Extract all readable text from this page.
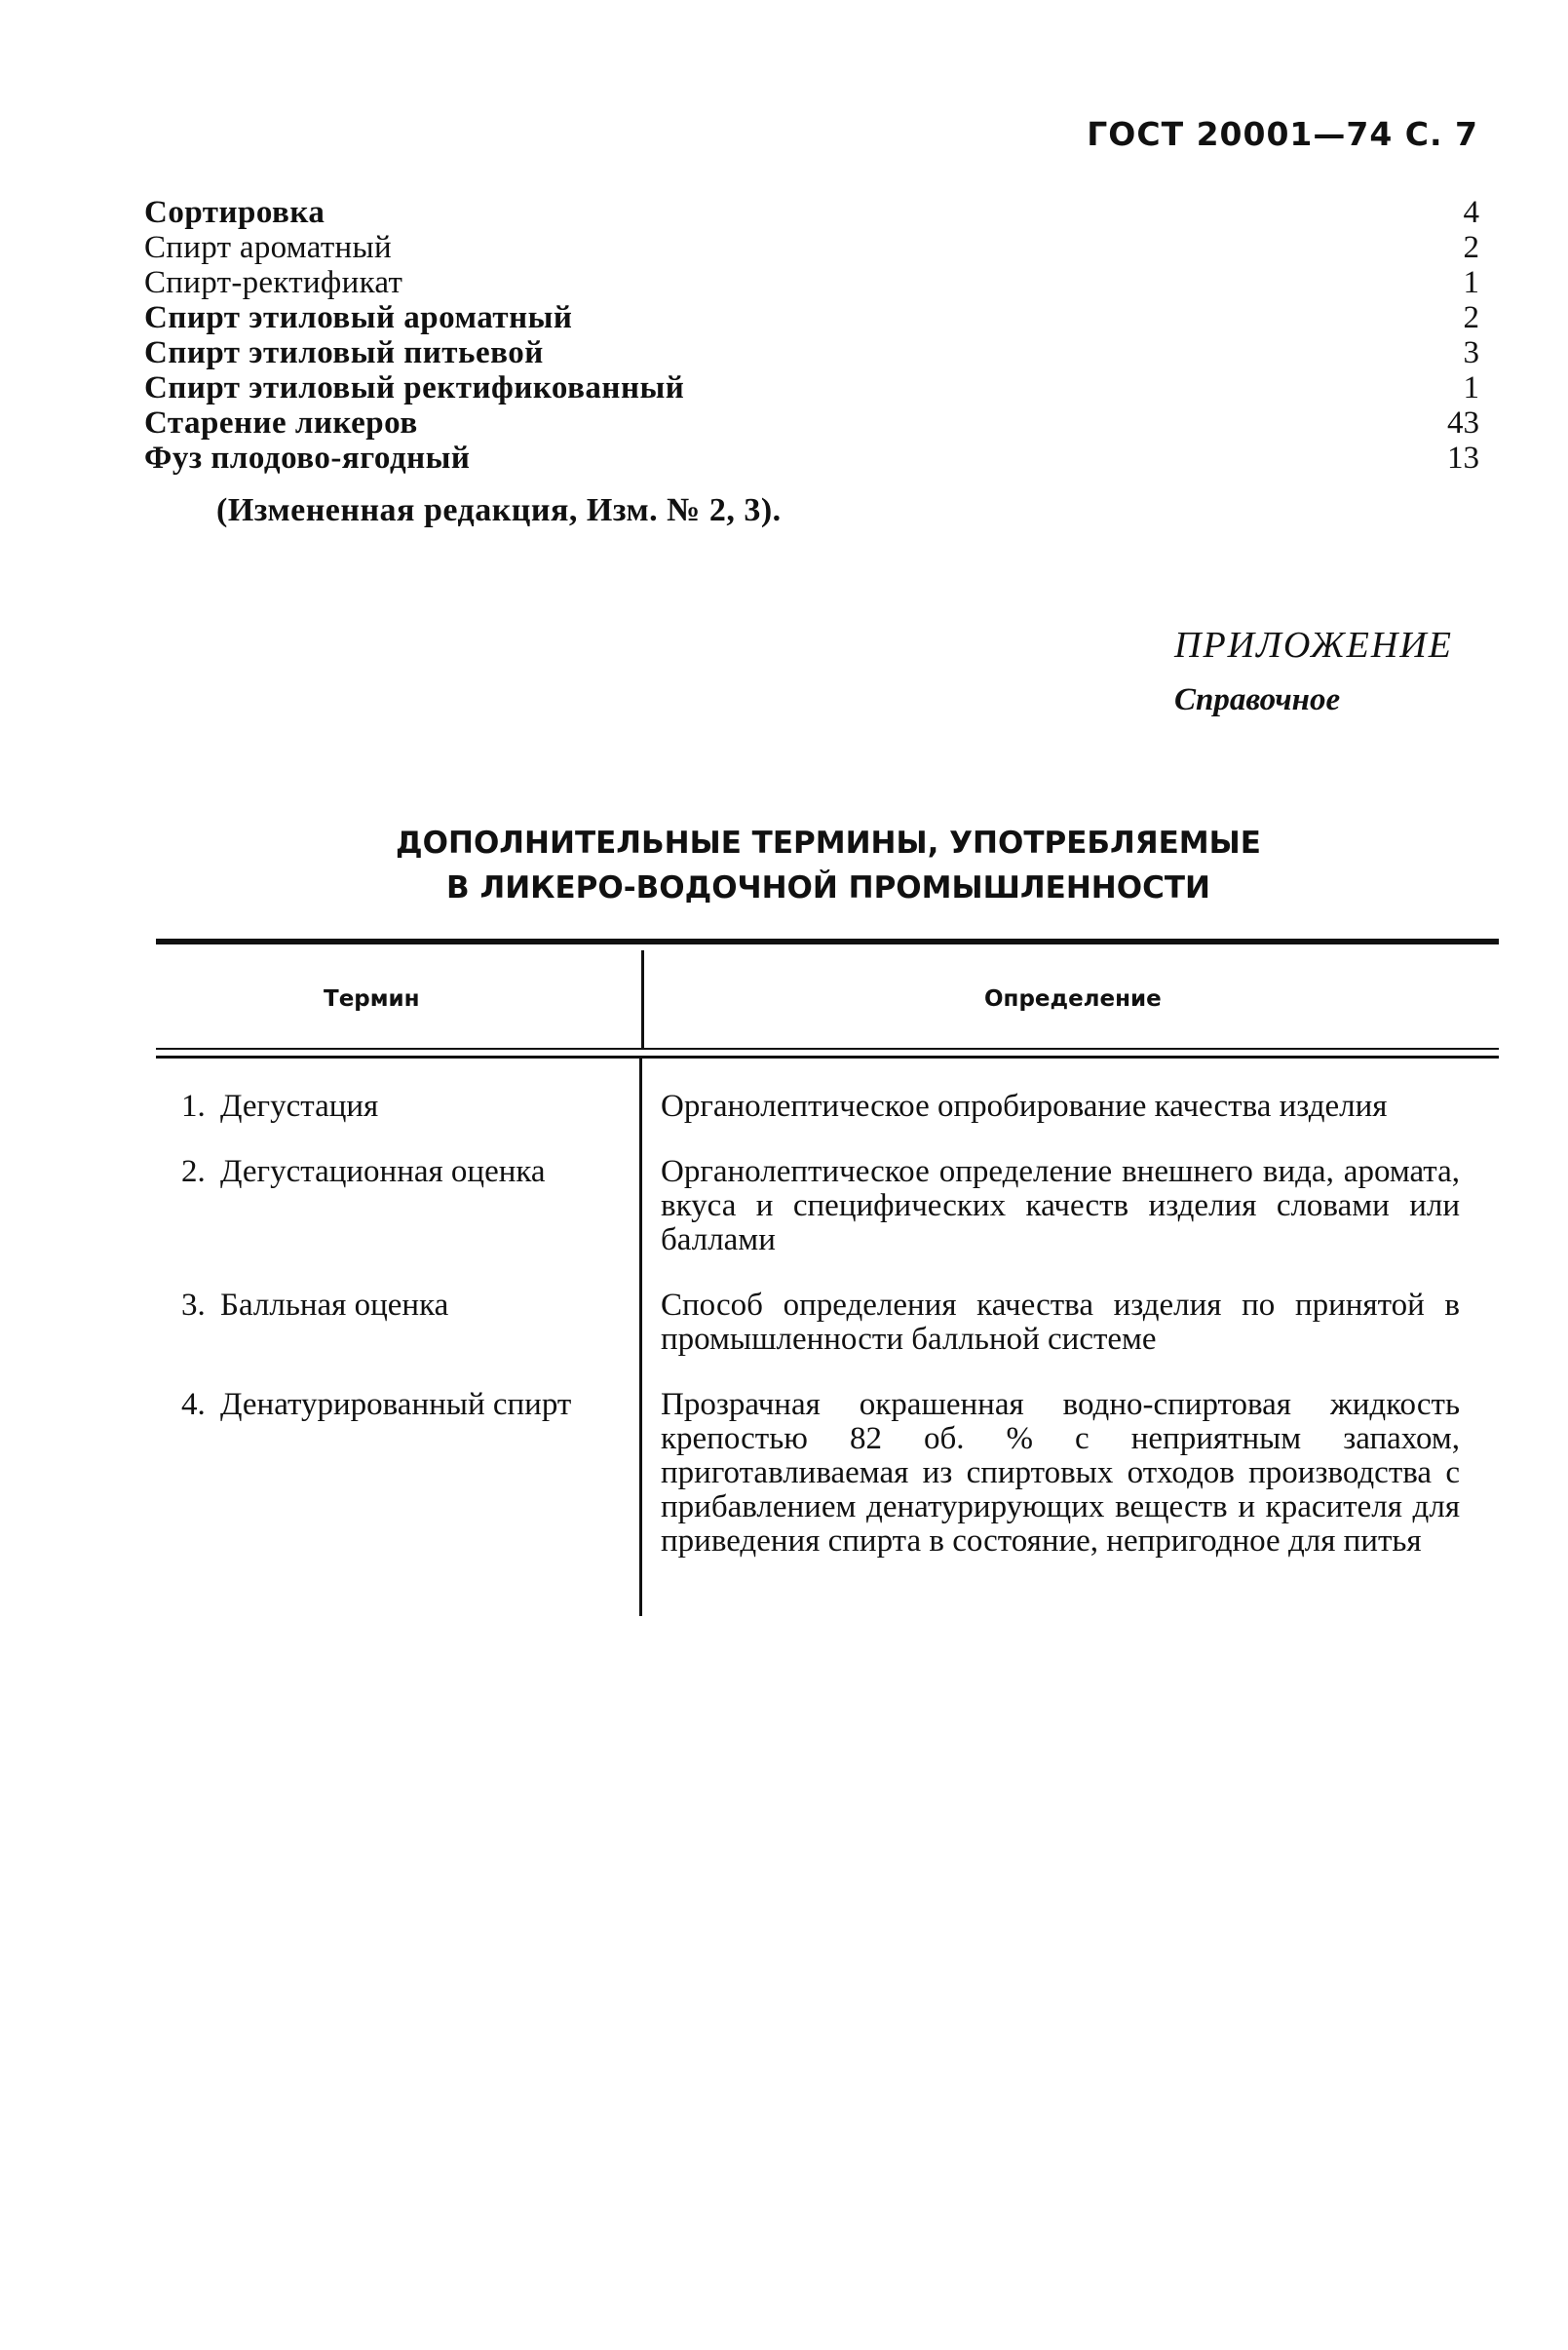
ГОСТ 20001—74 С. 7
Сортировка	4
Спирт ароматный	2
Спирт-ректификат	1
Спирт этиловый ароматный	2
Спирт этиловый питьевой	3
Спирт этиловый ректификованный	1
Старение ликеров	43
Фуз плодово-ягодный	13
(Измененная редакция, Изм. № 2, 3).
ПРИЛОЖЕНИЕ
Справочное
ДОПОЛНИТЕЛЬНЫЕ ТЕРМИНЫ, УПОТРЕБЛЯЕМЫЕ
В ЛИКЕРО-ВОДОЧНОЙ ПРОМЫШЛЕННОСТИ
Термин	Определение
1. Дегустация	Органолептическое опробирование качества изделия
2. Дегустационная оценка	Органолептическое определение внешнего вида, аромата, вкуса и специфических качеств изделия словами или баллами
3. Балльная оценка	Способ определения качества изделия по принятой в промышленности балльной системе
4. Денатурированный спирт	Прозрачная окрашенная водно-спиртовая жидкость крепостью 82 об. % с неприятным запахом, приготавливаемая из спиртовых отходов производства с прибавлением денатурирующих веществ и красителя для приведения спирта в состояние, непригодное для питья
